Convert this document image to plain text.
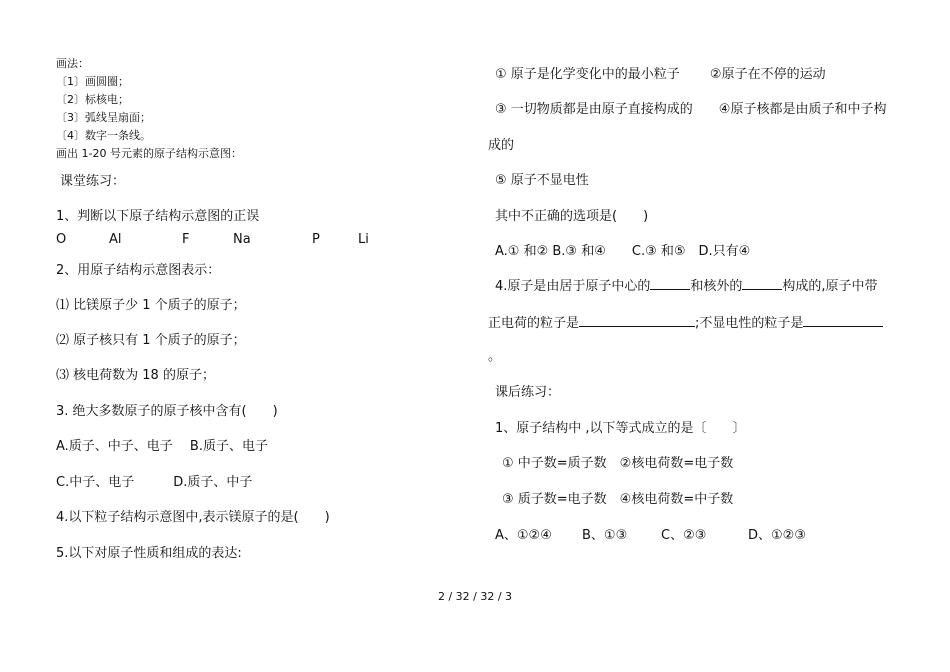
画法：
〔1〕画圆圈；
〔2〕标核电；
〔3〕弧线呈扇面；
〔4〕数字一条线。
画出 1-20 号元素的原子结构示意图：
课堂练习：
1、判断以下原子结构示意图的正误
O	Al	F	Na	P	Li
2、用原子结构示意图表示：
⑴ 比镁原子少 1 个质子的原子；
⑵ 原子核只有 1 个质子的原子；
⑶ 核电荷数为 18 的原子；
3. 绝大多数原子的原子核中含有(　　)
A.质子、中子、电子　 B.质子、电子
C.中子、电子　　　D.质子、中子
4.以下粒子结构示意图中,表示镁原子的是(　　)
5.以下对原子性质和组成的表达:
① 原子是化学变化中的最小粒子　　 ②原子在不停的运动
③ 一切物质都是由原子直接构成的　　④原子核都是由质子和中子构
成的
⑤ 原子不显电性
其中不正确的选项是(　　)
A.① 和② B.③ 和④　　C.③ 和⑤　D.只有④
4.原子是由居于原子中心的	和核外的	构成的,原子中带
正电荷的粒子是	;不显电性的粒子是
。
课后练习：
1、原子结构中 ,以下等式成立的是〔　　〕
① 中子数=质子数　②核电荷数=电子数
③ 质子数=电子数　④核电荷数=中子数
A、①②④ B、①③	C、②③	D、①②③
2 / 32 / 32 / 3
